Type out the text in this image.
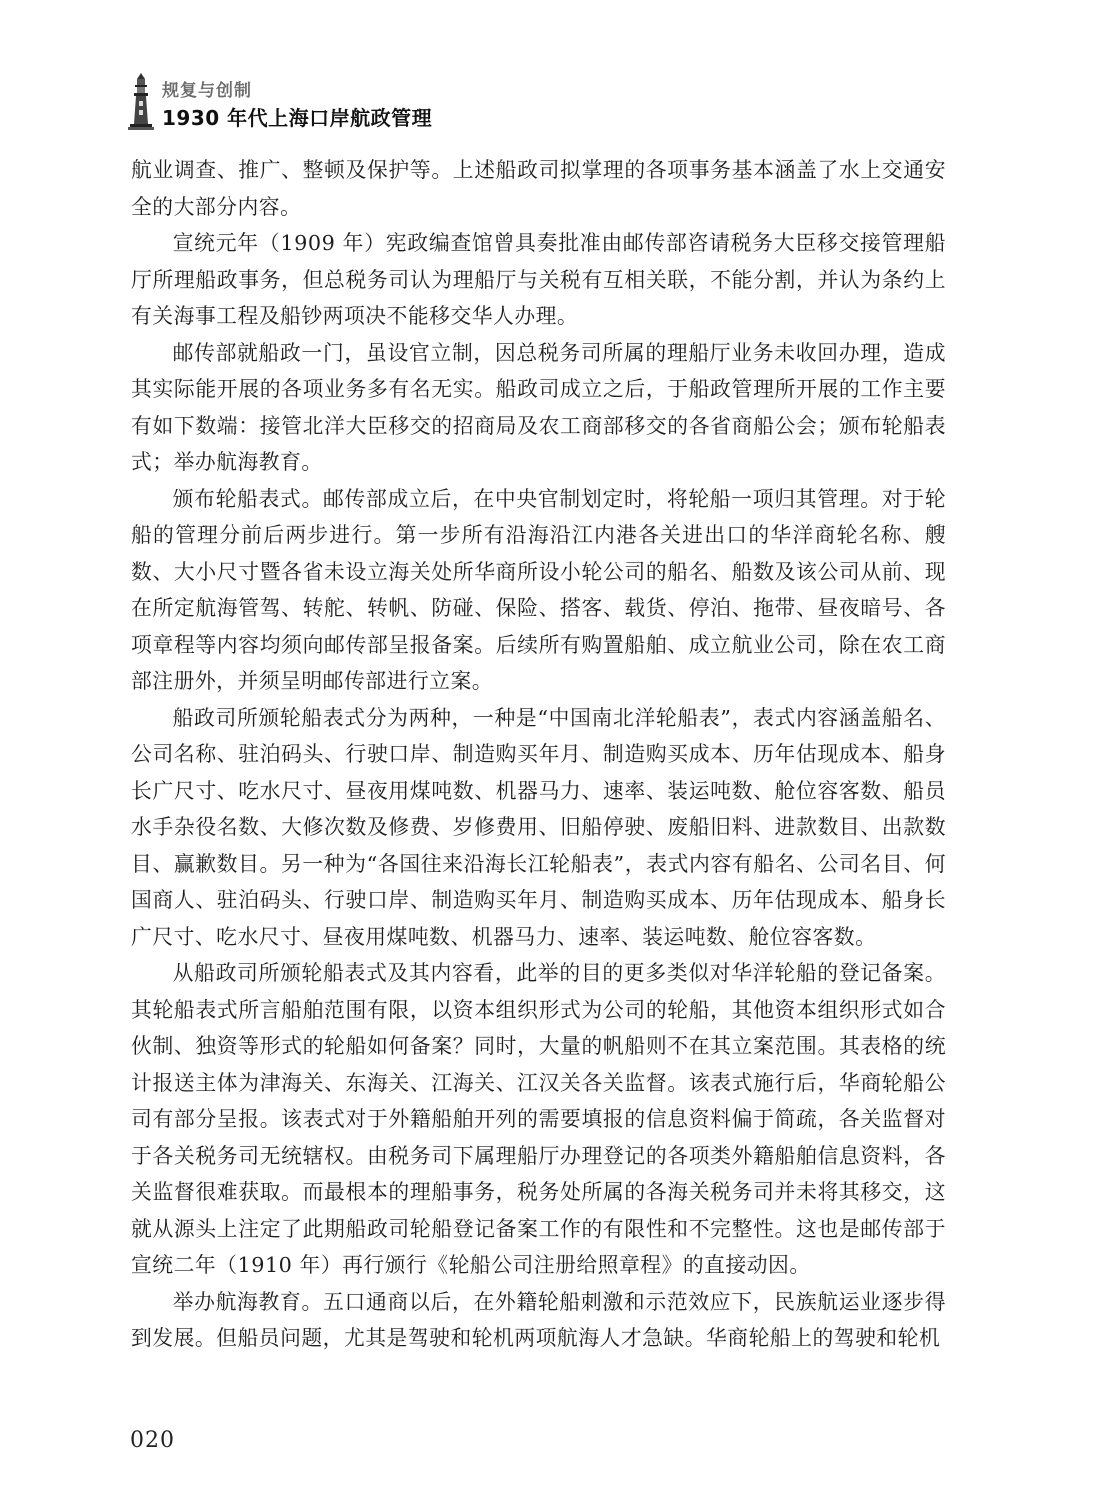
规复与创制
1930 年代上海口岸航政管理

航业调查、推广、整顿及保护等。上述船政司拟掌理的各项事务基本涵盖了水上交通安全的大部分内容。

宣统元年（1909 年）宪政编查馆曾具奏批准由邮传部咨请税务大臣移交接管理船厅所理船政事务，但总税务司认为理船厅与关税有互相关联，不能分割，并认为条约上有关海事工程及船钞两项决不能移交华人办理。

邮传部就船政一门，虽设官立制，因总税务司所属的理船厅业务未收回办理，造成其实际能开展的各项业务多有名无实。船政司成立之后，于船政管理所开展的工作主要有如下数端：接管北洋大臣移交的招商局及农工商部移交的各省商船公会；颁布轮船表式；举办航海教育。

颁布轮船表式。邮传部成立后，在中央官制划定时，将轮船一项归其管理。对于轮船的管理分前后两步进行。第一步所有沿海沿江内港各关进出口的华洋商轮名称、艘数、大小尺寸暨各省未设立海关处所华商所设小轮公司的船名、船数及该公司从前、现在所定航海管驾、转舵、转帆、防碰、保险、搭客、载货、停泊、拖带、昼夜暗号、各项章程等内容均须向邮传部呈报备案。后续所有购置船舶、成立航业公司，除在农工商部注册外，并须呈明邮传部进行立案。

船政司所颁轮船表式分为两种，一种是“中国南北洋轮船表”，表式内容涵盖船名、公司名称、驻泊码头、行驶口岸、制造购买年月、制造购买成本、历年估现成本、船身长广尺寸、吃水尺寸、昼夜用煤吨数、机器马力、速率、装运吨数、舱位容客数、船员水手杂役名数、大修次数及修费、岁修费用、旧船停驶、废船旧料、进款数目、出款数目、赢歉数目。另一种为“各国往来沿海长江轮船表”，表式内容有船名、公司名目、何国商人、驻泊码头、行驶口岸、制造购买年月、制造购买成本、历年估现成本、船身长广尺寸、吃水尺寸、昼夜用煤吨数、机器马力、速率、装运吨数、舱位容客数。

从船政司所颁轮船表式及其内容看，此举的目的更多类似对华洋轮船的登记备案。其轮船表式所言船舶范围有限，以资本组织形式为公司的轮船，其他资本组织形式如合伙制、独资等形式的轮船如何备案？同时，大量的帆船则不在其立案范围。其表格的统计报送主体为津海关、东海关、江海关、江汉关各关监督。该表式施行后，华商轮船公司有部分呈报。该表式对于外籍船舶开列的需要填报的信息资料偏于简疏，各关监督对于各关税务司无统辖权。由税务司下属理船厅办理登记的各项类外籍船舶信息资料，各关监督很难获取。而最根本的理船事务，税务处所属的各海关税务司并未将其移交，这就从源头上注定了此期船政司轮船登记备案工作的有限性和不完整性。这也是邮传部于宣统二年（1910 年）再行颁行《轮船公司注册给照章程》的直接动因。

举办航海教育。五口通商以后，在外籍轮船刺激和示范效应下，民族航运业逐步得到发展。但船员问题，尤其是驾驶和轮机两项航海人才急缺。华商轮船上的驾驶和轮机

020
